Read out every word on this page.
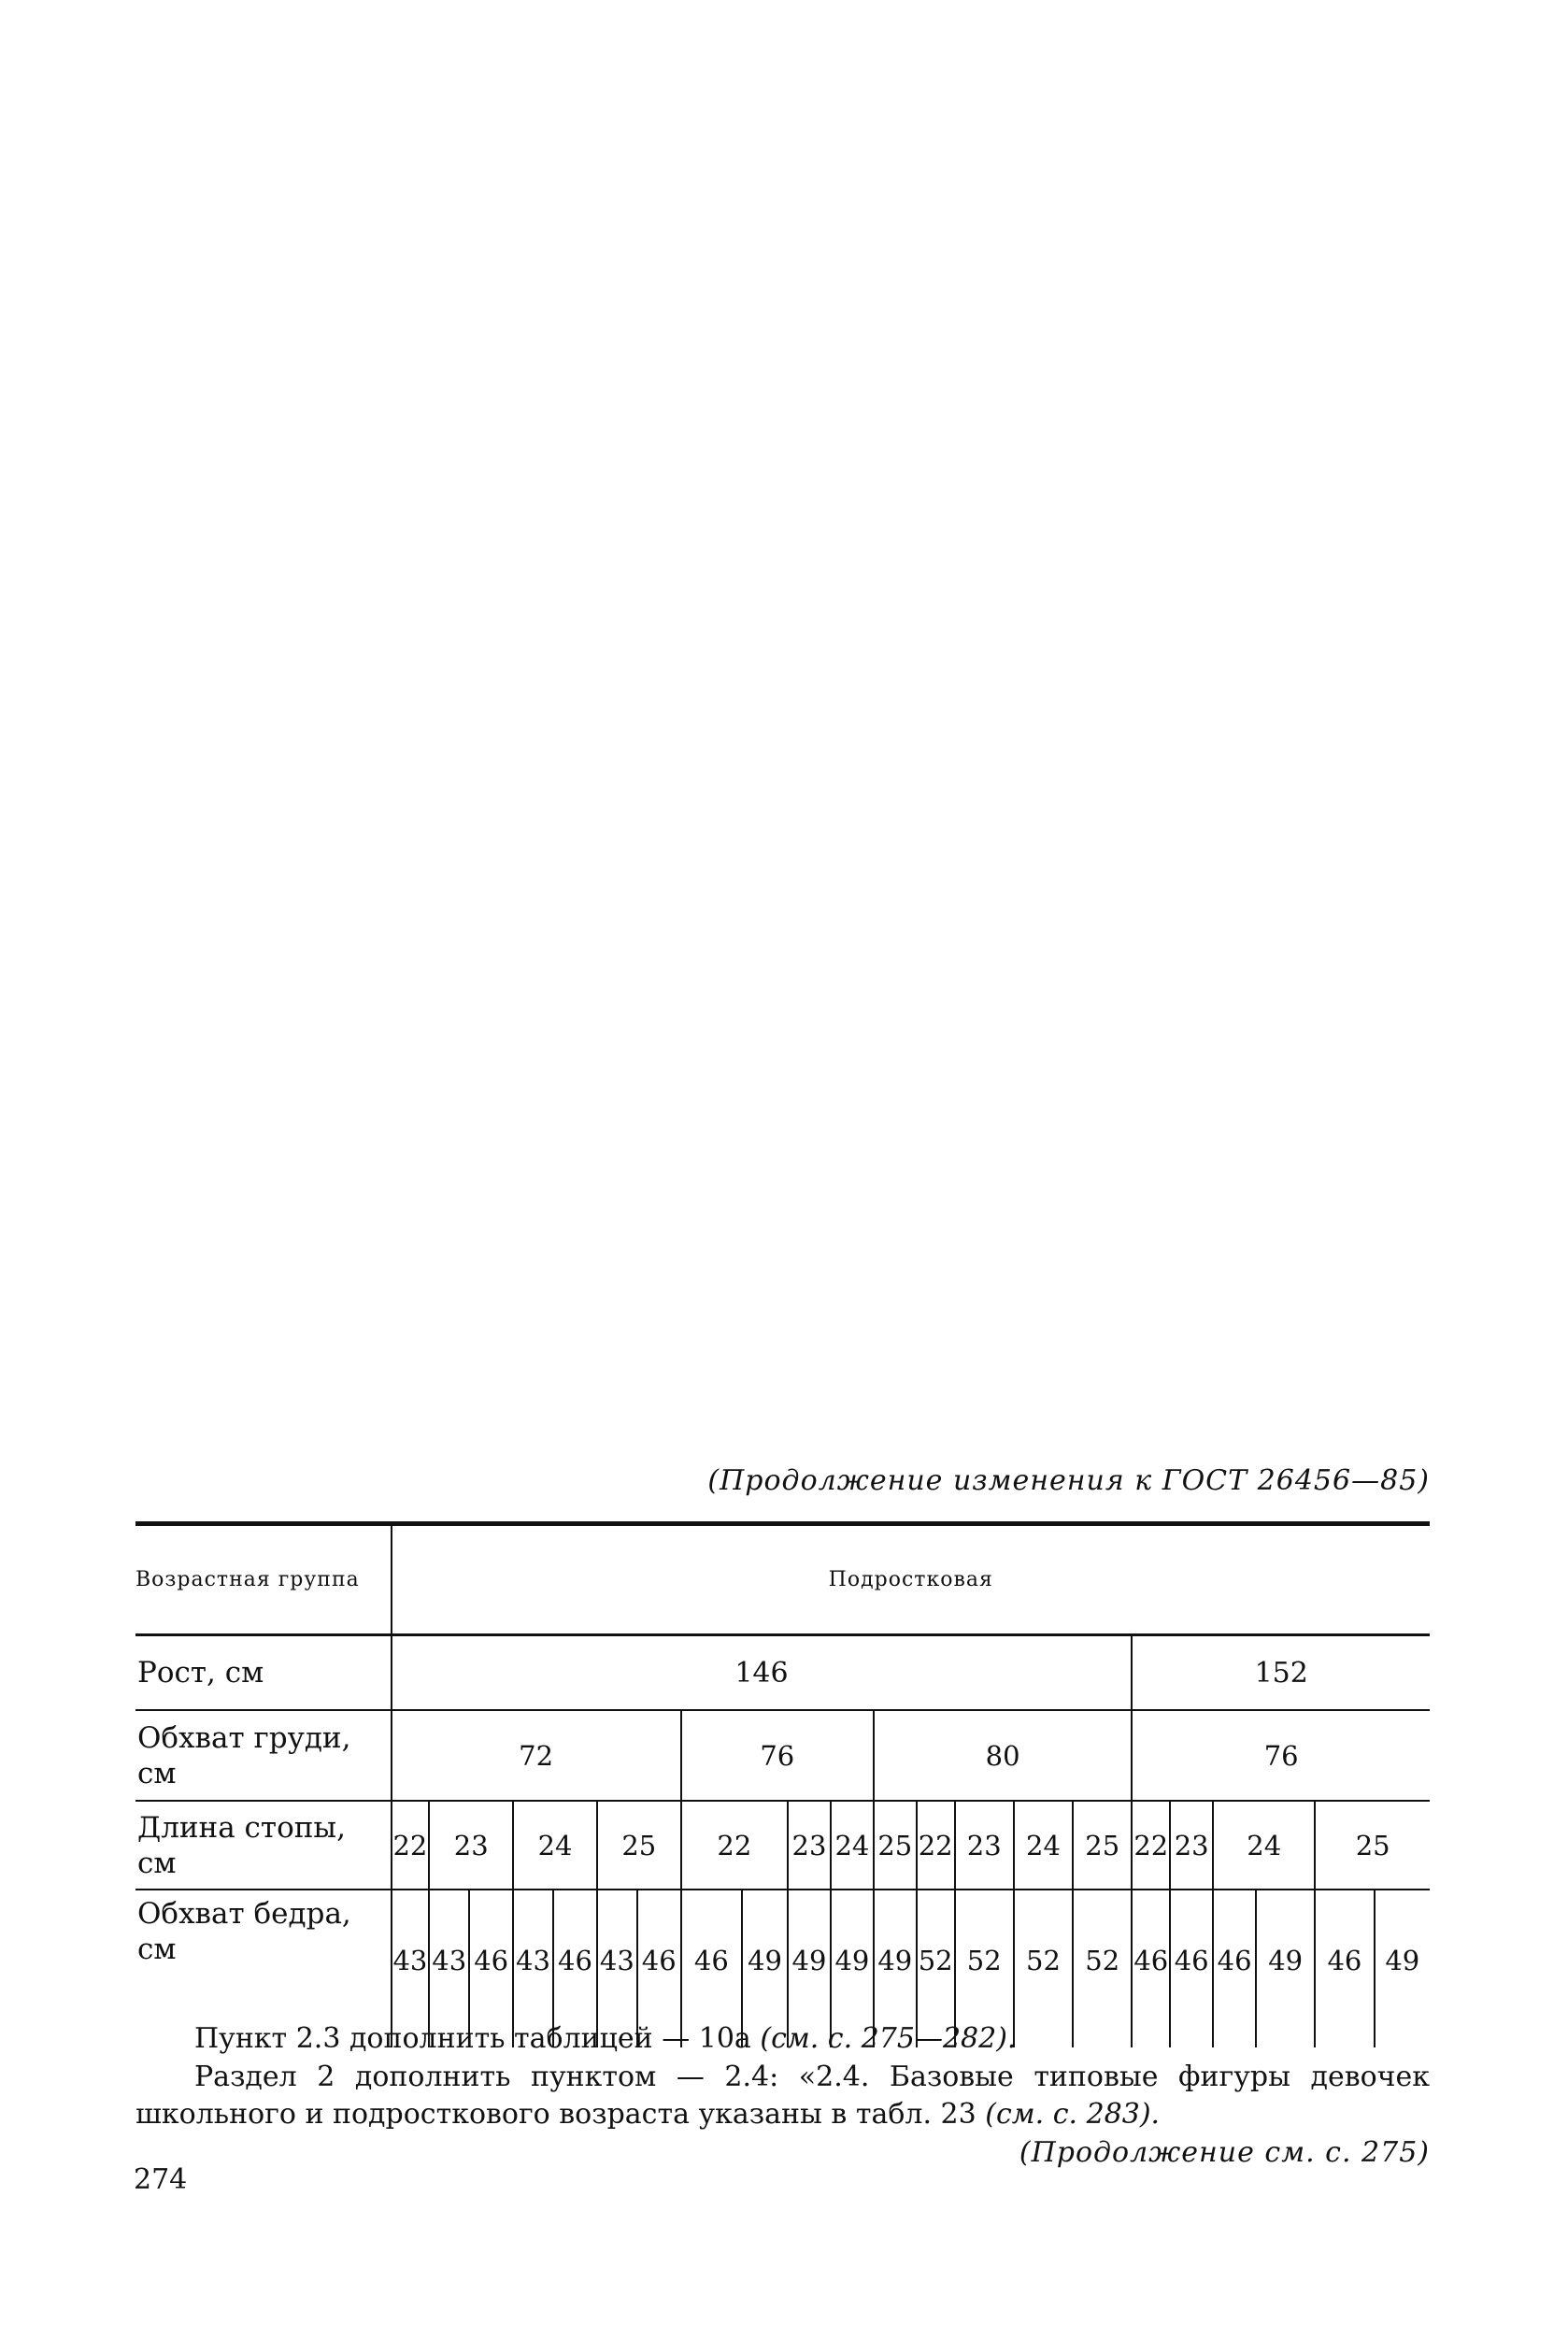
(Продолжение изменения к ГОСТ 26456—85)

Возрастная группа	Подростковая																					
Рост, см	146																152					
Обхват груди, см	72							76				80					76					
Длина стопы, см	22	23		24		25		22		23	24	25	22	23	24	25	22	23	24		25	
Обхват бедра, см	43	43	46	43	46	43	46	46	49	49	49	49	52	52	52	52	46	46	46	49	46	49
Пункт 2.3 дополнить таблицей — 10а (см. с. 275—282).
Раздел 2 дополнить пунктом — 2.4: «2.4. Базовые типовые фигуры девочек школьного и подросткового возраста указаны в табл. 23 (см. с. 283).
(Продолжение см. с. 275)
274
